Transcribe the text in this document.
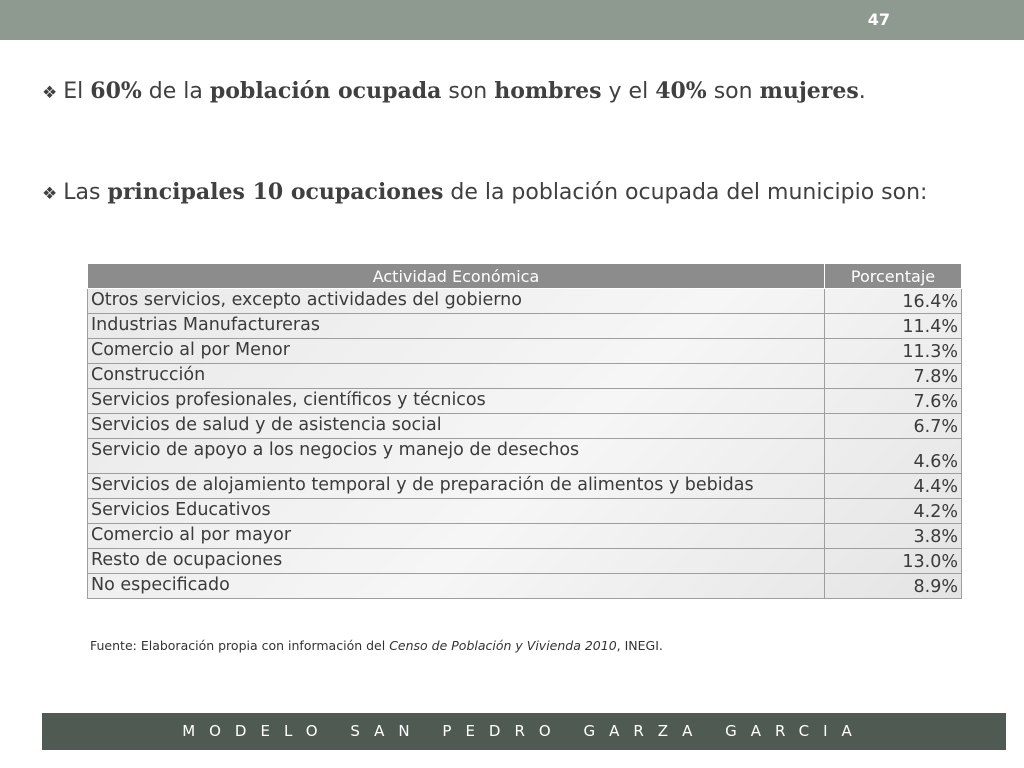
47
❖ El 60% de la población ocupada son hombres y el 40% son mujeres.
❖ Las principales 10 ocupaciones de la población ocupada del municipio son:
Actividad Económica	Porcentaje
Otros servicios, excepto actividades del gobierno	16.4%
Industrias Manufactureras	11.4%
Comercio al por Menor	11.3%
Construcción	7.8%
Servicios profesionales, científicos y técnicos	7.6%
Servicios de salud y de asistencia social	6.7%
Servicio de apoyo a los negocios y manejo de desechos	4.6%
Servicios de alojamiento temporal y de preparación de alimentos y bebidas	4.4%
Servicios Educativos	4.2%
Comercio al por mayor	3.8%
Resto de ocupaciones	13.0%
No especificado	8.9%
Fuente: Elaboración propia con información del Censo de Población y Vivienda 2010, INEGI.
MODELO SAN PEDRO GARZA GARCIA
